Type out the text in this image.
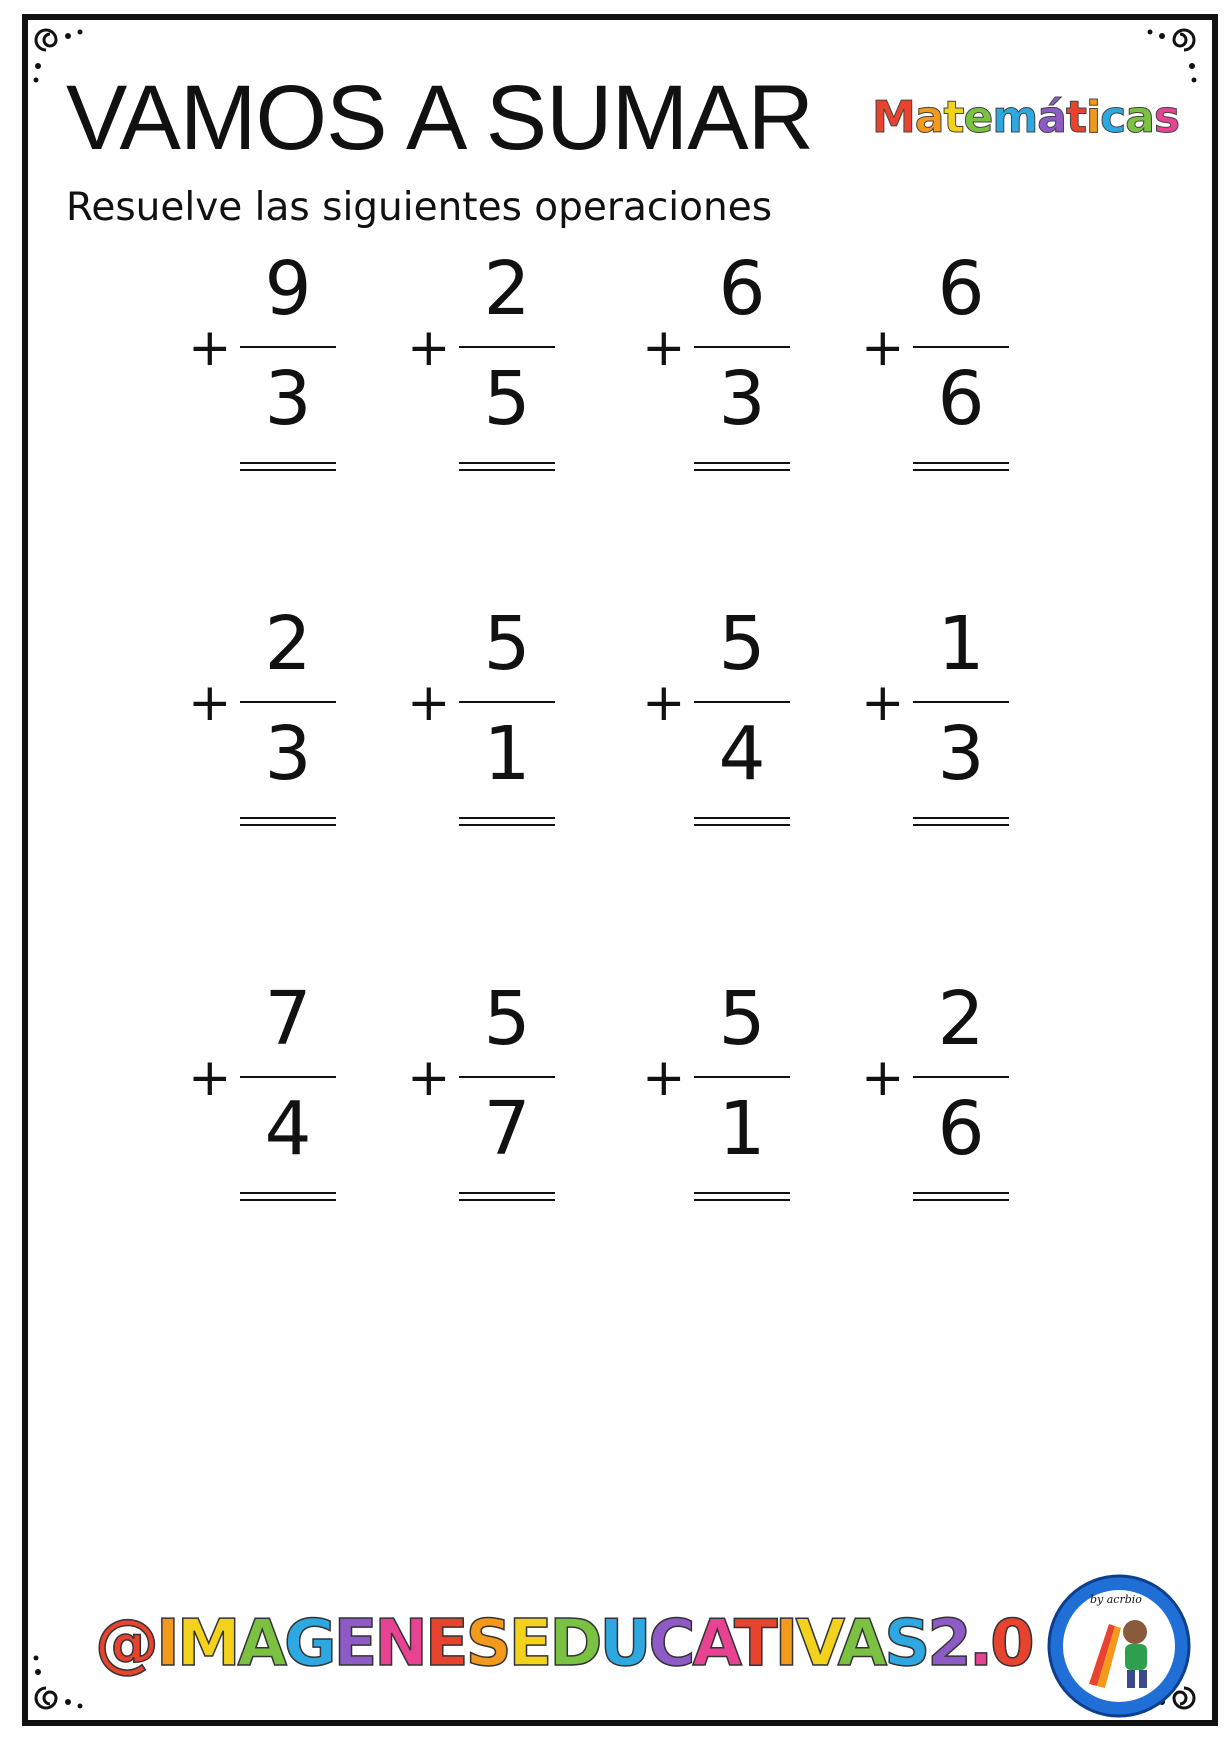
VAMOS A SUMAR

Resuelve las siguientes operaciones

Matemáticas
+
9
3
+
2
5
+
6
3
+
6
6
+
2
3
+
5
1
+
5
4
+
1
3
+
7
4
+
5
7
+
5
1
+
2
6
@IMAGENESEDUCATIVAS2.0
by acrbio
